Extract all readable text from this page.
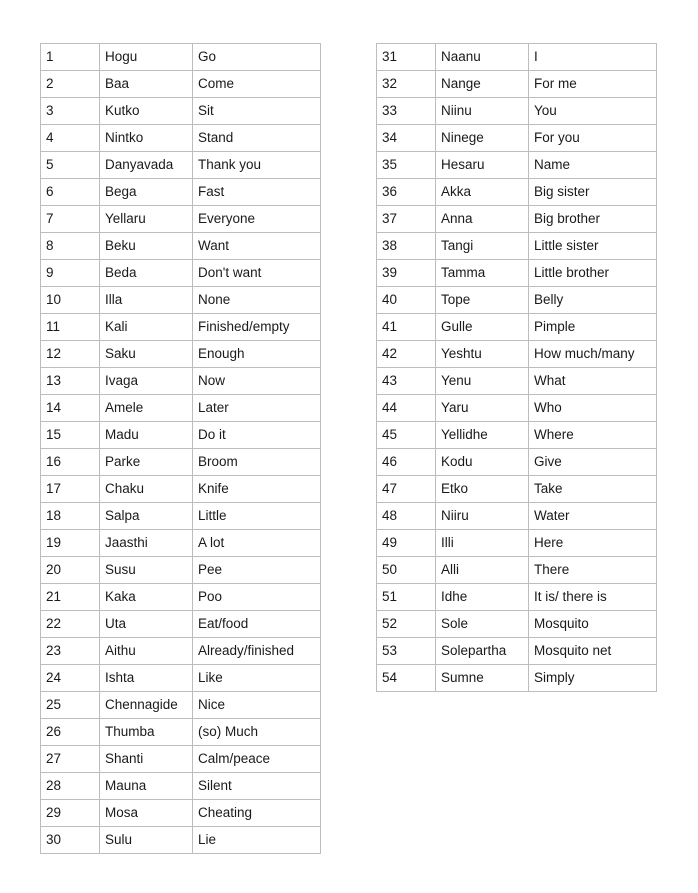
1	Hogu	Go
2	Baa	Come
3	Kutko	Sit
4	Nintko	Stand
5	Danyavada	Thank you
6	Bega	Fast
7	Yellaru	Everyone
8	Beku	Want
9	Beda	Don't want
10	Illa	None
11	Kali	Finished/empty
12	Saku	Enough
13	Ivaga	Now
14	Amele	Later
15	Madu	Do it
16	Parke	Broom
17	Chaku	Knife
18	Salpa	Little
19	Jaasthi	A lot
20	Susu	Pee
21	Kaka	Poo
22	Uta	Eat/food
23	Aithu	Already/finished
24	Ishta	Like
25	Chennagide	Nice
26	Thumba	(so) Much
27	Shanti	Calm/peace
28	Mauna	Silent
29	Mosa	Cheating
30	Sulu	Lie
31	Naanu	I
32	Nange	For me
33	Niinu	You
34	Ninege	For you
35	Hesaru	Name
36	Akka	Big sister
37	Anna	Big brother
38	Tangi	Little sister
39	Tamma	Little brother
40	Tope	Belly
41	Gulle	Pimple
42	Yeshtu	How much/many
43	Yenu	What
44	Yaru	Who
45	Yellidhe	Where
46	Kodu	Give
47	Etko	Take
48	Niiru	Water
49	Illi	Here
50	Alli	There
51	Idhe	It is/ there is
52	Sole	Mosquito
53	Solepartha	Mosquito net
54	Sumne	Simply
